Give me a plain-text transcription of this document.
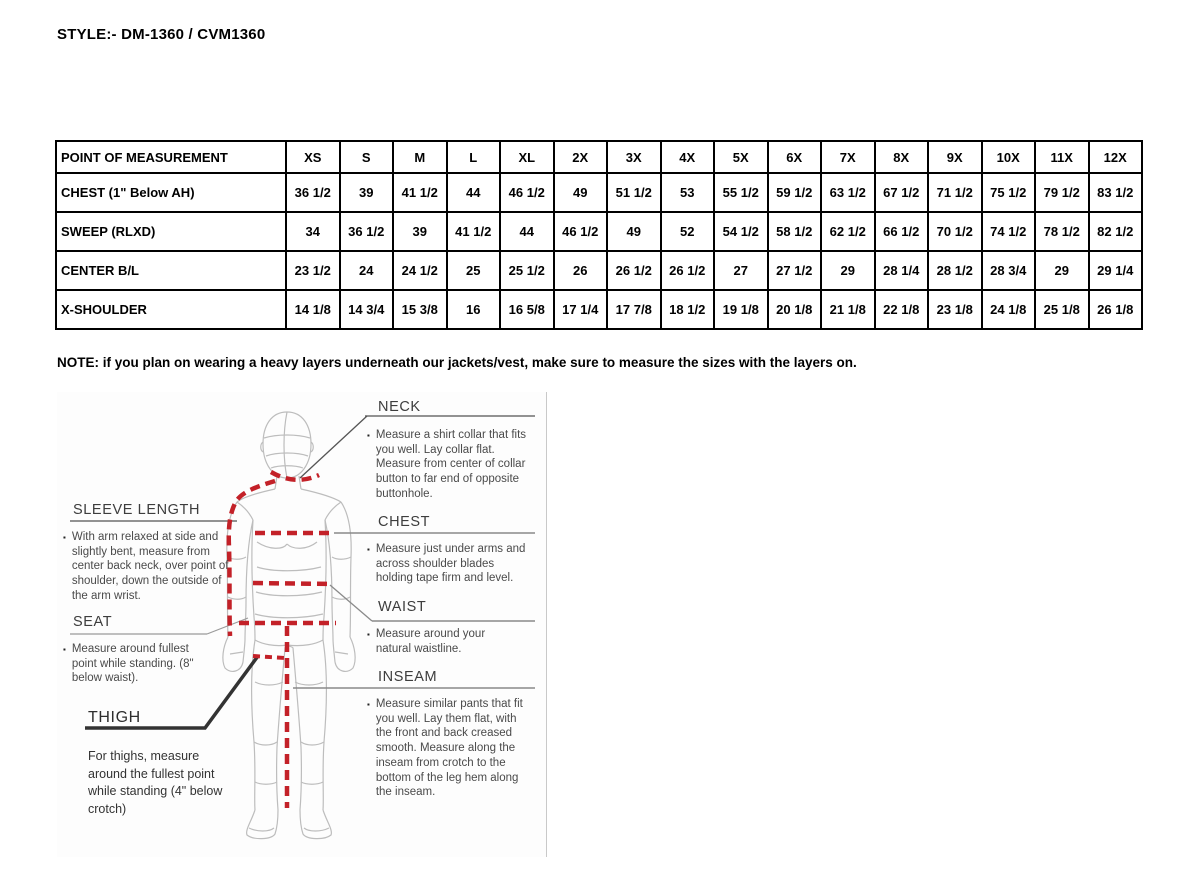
STYLE:- DM-1360 / CVM1360
POINT OF MEASUREMENT	XS	S	M	L	XL	2X	3X	4X	5X	6X	7X	8X	9X	10X	11X	12X
CHEST (1" Below AH)	36 1/2	39	41 1/2	44	46 1/2	49	51 1/2	53	55 1/2	59 1/2	63 1/2	67 1/2	71 1/2	75 1/2	79 1/2	83 1/2
SWEEP (RLXD)	34	36 1/2	39	41 1/2	44	46 1/2	49	52	54 1/2	58 1/2	62 1/2	66 1/2	70 1/2	74 1/2	78 1/2	82 1/2
CENTER B/L	23 1/2	24	24 1/2	25	25 1/2	26	26 1/2	26 1/2	27	27 1/2	29	28 1/4	28 1/2	28 3/4	29	29 1/4
X-SHOULDER	14 1/8	14 3/4	15 3/8	16	16 5/8	17 1/4	17 7/8	18 1/2	19 1/8	20 1/8	21 1/8	22 1/8	23 1/8	24 1/8	25 1/8	26 1/8
NOTE: if you plan on wearing a heavy layers underneath our jackets/vest, make sure to measure the sizes with the layers on.
NECK
▪ Measure a shirt collar that fits you well. Lay collar flat. Measure from center of collar button to far end of opposite buttonhole.
CHEST
▪ Measure just under arms and across shoulder blades holding tape firm and level.
WAIST
▪ Measure around your natural waistline.
INSEAM
▪ Measure similar pants that fit you well. Lay them flat, with the front and back creased smooth. Measure along the inseam from crotch to the bottom of the leg hem along the inseam.
SLEEVE LENGTH
▪ With arm relaxed at side and slightly bent, measure from center back neck, over point of shoulder, down the outside of the arm wrist.
SEAT
▪ Measure around fullest point while standing. (8" below waist).
THIGH
For thighs, measure around the fullest point while standing (4" below crotch)
